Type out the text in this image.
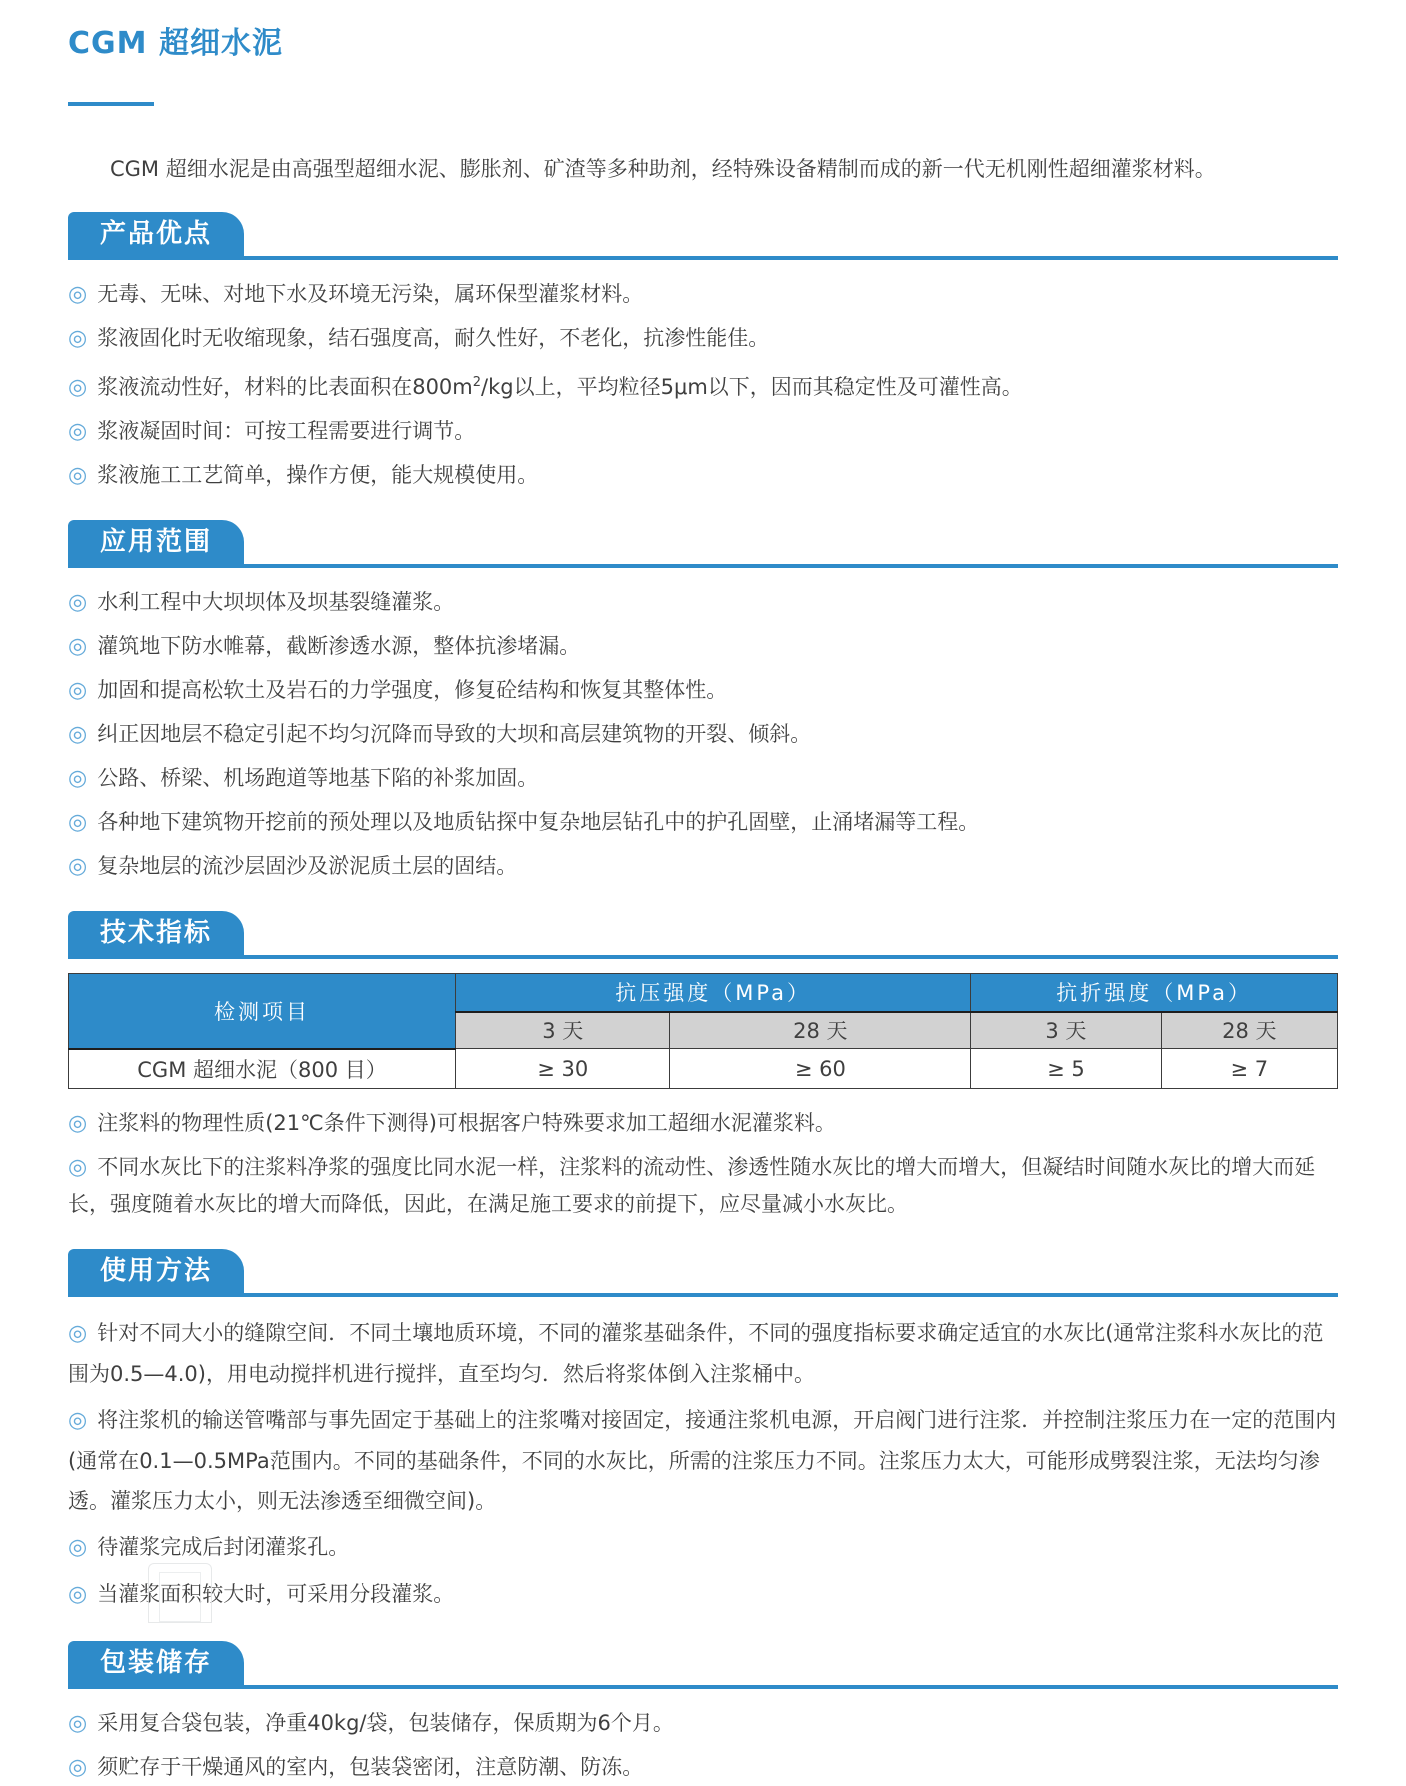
CGM 超细水泥

CGM 超细水泥是由高强型超细水泥、膨胀剂、矿渣等多种助剂，经特殊设备精制而成的新一代无机刚性超细灌浆材料。

产品优点
◎ 无毒、无味、对地下水及环境无污染，属环保型灌浆材料。
◎ 浆液固化时无收缩现象，结石强度高，耐久性好，不老化，抗渗性能佳。
◎ 浆液流动性好，材料的比表面积在$800m^2/kg$以上，平均粒径5μm以下，因而其稳定性及可灌性高。
◎ 浆液凝固时间：可按工程需要进行调节。
◎ 浆液施工工艺简单，操作方便，能大规模使用。
应用范围
◎ 水利工程中大坝坝体及坝基裂缝灌浆。
◎ 灌筑地下防水帷幕，截断渗透水源，整体抗渗堵漏。
◎ 加固和提高松软土及岩石的力学强度，修复砼结构和恢复其整体性。
◎ 纠正因地层不稳定引起不均匀沉降而导致的大坝和高层建筑物的开裂、倾斜。
◎ 公路、桥梁、机场跑道等地基下陷的补浆加固。
◎ 各种地下建筑物开挖前的预处理以及地质钻探中复杂地层钻孔中的护孔固壁，止涌堵漏等工程。
◎ 复杂地层的流沙层固沙及淤泥质土层的固结。
技术指标
检测项目	抗压强度（MPa）		抗折强度（MPa）	
	3 天	28 天	3 天	28 天
CGM 超细水泥（800 目）	≥ 30	≥ 60	≥ 5	≥ 7
◎ 注浆料的物理性质(21℃条件下测得)可根据客户特殊要求加工超细水泥灌浆料。
◎ 不同水灰比下的注浆料净浆的强度比同水泥一样，注浆料的流动性、渗透性随水灰比的增大而增大，但凝结时间随水灰比的增大而延长，强度随着水灰比的增大而降低，因此，在满足施工要求的前提下，应尽量减小水灰比。
使用方法
◎ 针对不同大小的缝隙空间．不同土壤地质环境，不同的灌浆基础条件，不同的强度指标要求确定适宜的水灰比(通常注浆科水灰比的范围为0.5—4.0)，用电动搅拌机进行搅拌，直至均匀．然后将浆体倒入注浆桶中。
◎ 将注浆机的输送管嘴部与事先固定于基础上的注浆嘴对接固定，接通注浆机电源，开启阀门进行注浆．并控制注浆压力在一定的范围内(通常在0.1—0.5MPa范围内。不同的基础条件，不同的水灰比，所需的注浆压力不同。注浆压力太大，可能形成劈裂注浆，无法均匀渗透。灌浆压力太小，则无法渗透至细微空间)。
◎ 待灌浆完成后封闭灌浆孔。
◎ 当灌浆面积较大时，可采用分段灌浆。
包装储存
◎ 采用复合袋包装，净重40kg/袋，包装储存，保质期为6个月。
◎ 须贮存于干燥通风的室内，包装袋密闭，注意防潮、防冻。
